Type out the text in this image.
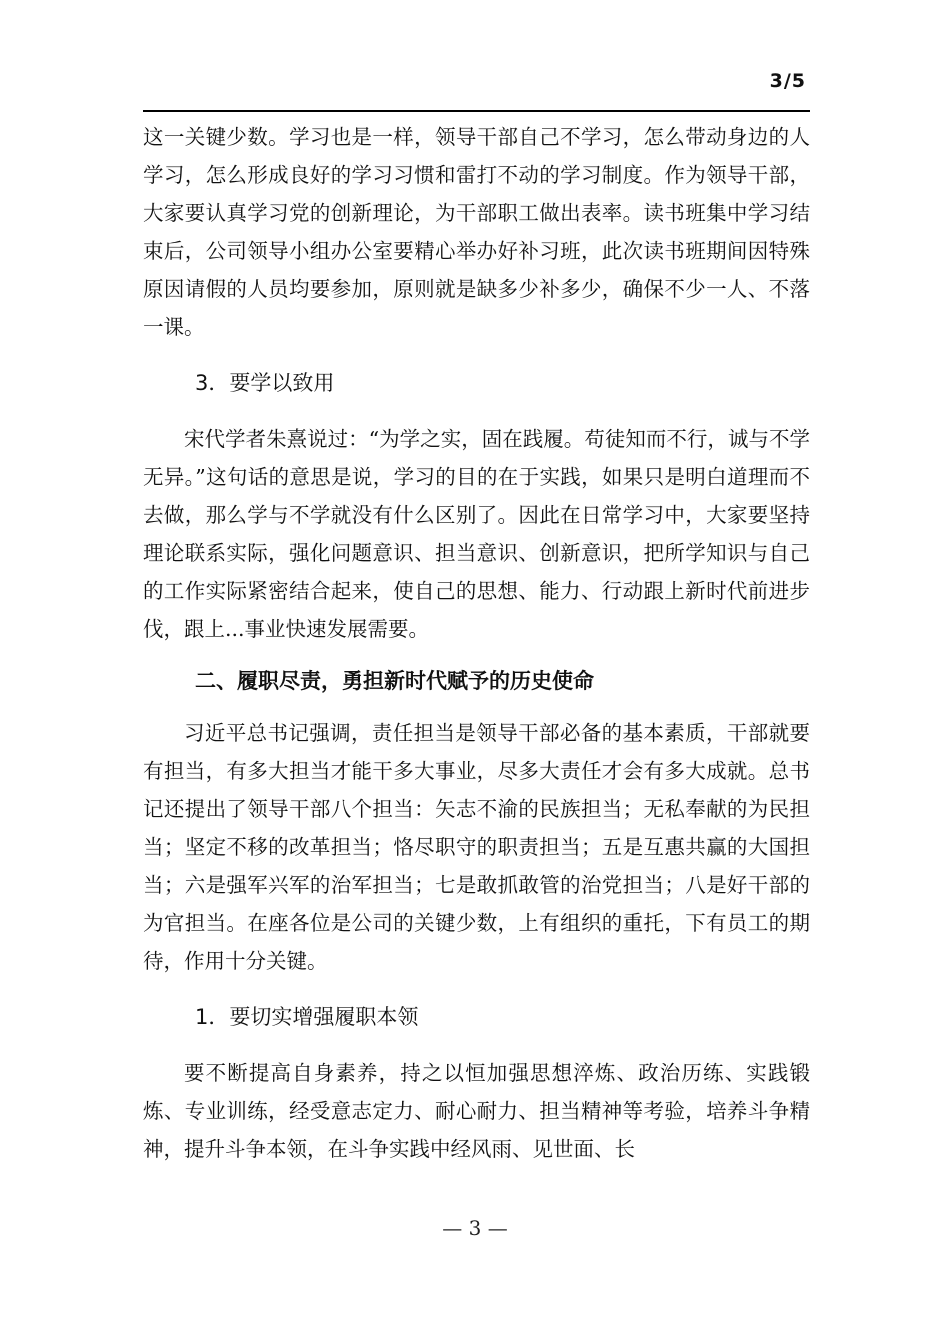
3/5

这一关键少数。学习也是一样，领导干部自己不学习，怎么带动身边的人学习，怎么形成良好的学习习惯和雷打不动的学习制度。作为领导干部，大家要认真学习党的创新理论，为干部职工做出表率。读书班集中学习结束后，公司领导小组办公室要精心举办好补习班，此次读书班期间因特殊原因请假的人员均要参加，原则就是缺多少补多少，确保不少一人、不落一课。

3．要学以致用

宋代学者朱熹说过：“为学之实，固在践履。苟徒知而不行，诚与不学无异。”这句话的意思是说，学习的目的在于实践，如果只是明白道理而不去做，那么学与不学就没有什么区别了。因此在日常学习中，大家要坚持理论联系实际，强化问题意识、担当意识、创新意识，把所学知识与自己的工作实际紧密结合起来，使自己的思想、能力、行动跟上新时代前进步伐，跟上...事业快速发展需要。

二、履职尽责，勇担新时代赋予的历史使命

习近平总书记强调，责任担当是领导干部必备的基本素质，干部就要有担当，有多大担当才能干多大事业，尽多大责任才会有多大成就。总书记还提出了领导干部八个担当：矢志不渝的民族担当；无私奉献的为民担当；坚定不移的改革担当；恪尽职守的职责担当；五是互惠共赢的大国担当；六是强军兴军的治军担当；七是敢抓敢管的治党担当；八是好干部的为官担当。在座各位是公司的关键少数，上有组织的重托，下有员工的期待，作用十分关键。

1．要切实增强履职本领

要不断提高自身素养，持之以恒加强思想淬炼、政治历练、实践锻炼、专业训练，经受意志定力、耐心耐力、担当精神等考验，培养斗争精神，提升斗争本领，在斗争实践中经风雨、见世面、长

— 3 —
